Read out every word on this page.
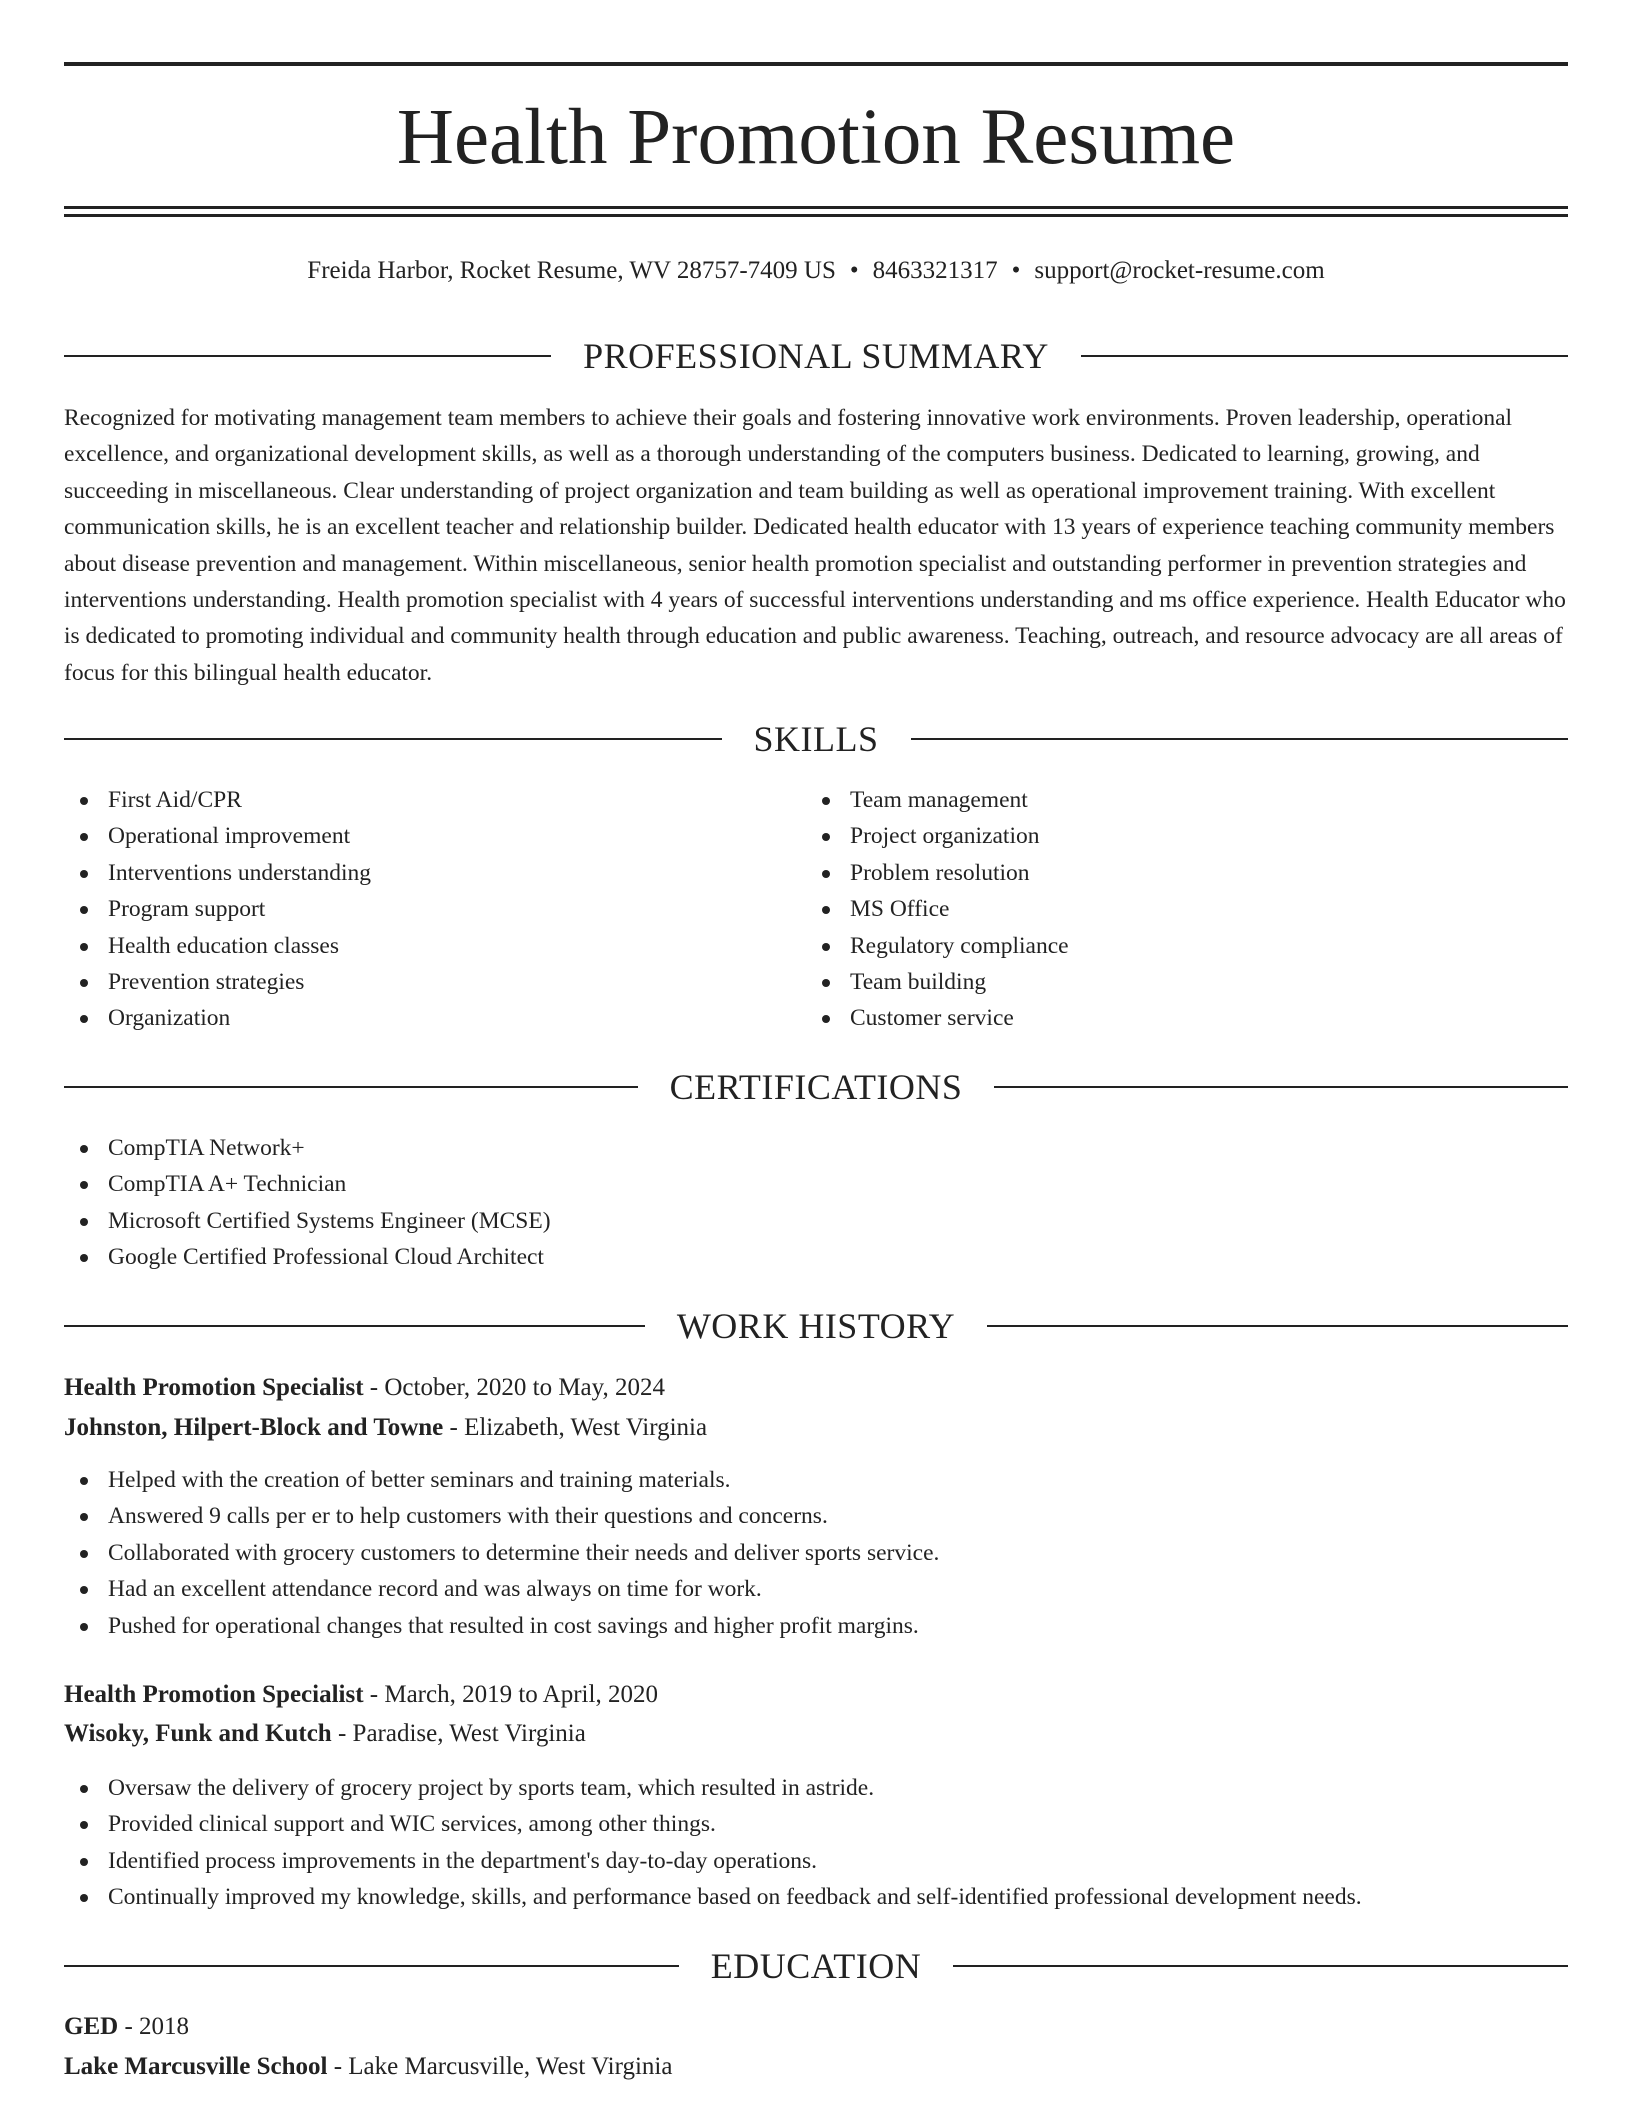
Health Promotion Resume
Freida Harbor, Rocket Resume, WV 28757-7409 US • 8463321317 • support@rocket-resume.com
PROFESSIONAL SUMMARY

Recognized for motivating management team members to achieve their goals and fostering innovative work environments. Proven leadership, operational excellence, and organizational development skills, as well as a thorough understanding of the computers business. Dedicated to learning, growing, and succeeding in miscellaneous. Clear understanding of project organization and team building as well as operational improvement training. With excellent communication skills, he is an excellent teacher and relationship builder. Dedicated health educator with 13 years of experience teaching community members about disease prevention and management. Within miscellaneous, senior health promotion specialist and outstanding performer in prevention strategies and interventions understanding. Health promotion specialist with 4 years of successful interventions understanding and ms office experience. Health Educator who is dedicated to promoting individual and community health through education and public awareness. Teaching, outreach, and resource advocacy are all areas of focus for this bilingual health educator.

SKILLS
First Aid/CPR
Operational improvement
Interventions understanding
Program support
Health education classes
Prevention strategies
Organization
Team management
Project organization
Problem resolution
MS Office
Regulatory compliance
Team building
Customer service
CERTIFICATIONS
CompTIA Network+
CompTIA A+ Technician
Microsoft Certified Systems Engineer (MCSE)
Google Certified Professional Cloud Architect
WORK HISTORY
Health Promotion Specialist - October, 2020 to May, 2024
Johnston, Hilpert-Block and Towne - Elizabeth, West Virginia
Helped with the creation of better seminars and training materials.
Answered 9 calls per er to help customers with their questions and concerns.
Collaborated with grocery customers to determine their needs and deliver sports service.
Had an excellent attendance record and was always on time for work.
Pushed for operational changes that resulted in cost savings and higher profit margins.
Health Promotion Specialist - March, 2019 to April, 2020
Wisoky, Funk and Kutch - Paradise, West Virginia
Oversaw the delivery of grocery project by sports team, which resulted in astride.
Provided clinical support and WIC services, among other things.
Identified process improvements in the department's day-to-day operations.
Continually improved my knowledge, skills, and performance based on feedback and self-identified professional development needs.
EDUCATION
GED - 2018
Lake Marcusville School - Lake Marcusville, West Virginia
